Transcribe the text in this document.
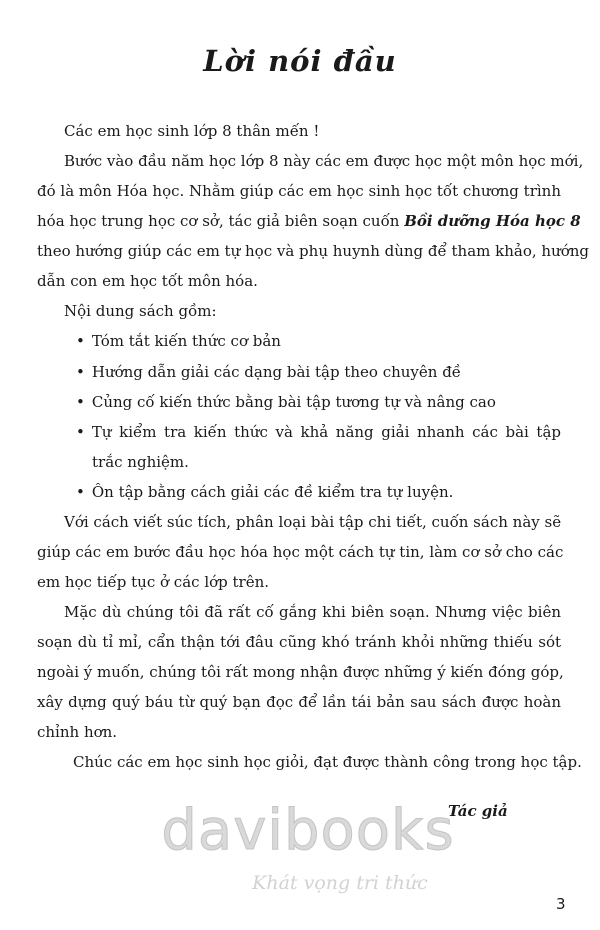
Lời nói đầu

Các em học sinh lớp 8 thân mến !

Bước vào đầu năm học lớp 8 này các em được học một môn học mới,

đó là môn Hóa học. Nhằm giúp các em học sinh học tốt chương trình

hóa học trung học cơ sở, tác giả biên soạn cuốn Bồi dưỡng Hóa học 8

theo hướng giúp các em tự học và phụ huynh dùng để tham khảo, hướng

dẫn con em học tốt môn hóa.

Nội dung sách gồm:

• Tóm tắt kiến thức cơ bản

• Hướng dẫn giải các dạng bài tập theo chuyên đề

• Củng cố kiến thức bằng bài tập tương tự và nâng cao

• Tự kiểm tra kiến thức và khả năng giải nhanh các bài tập

trắc nghiệm.

• Ôn tập bằng cách giải các đề kiểm tra tự luyện.

Với cách viết súc tích, phân loại bài tập chi tiết, cuốn sách này sẽ

giúp các em bước đầu học hóa học một cách tự tin, làm cơ sở cho các

em học tiếp tục ở các lớp trên.

Mặc dù chúng tôi đã rất cố gắng khi biên soạn. Nhưng việc biên

soạn dù tỉ mỉ, cẩn thận tới đâu cũng khó tránh khỏi những thiếu sót

ngoài ý muốn, chúng tôi rất mong nhận được những ý kiến đóng góp,

xây dựng quý báu từ quý bạn đọc để lần tái bản sau sách được hoàn

chỉnh hơn.

Chúc các em học sinh học giỏi, đạt được thành công trong học tập.

davibooks
Khát vọng tri thức

Tác giả

3
